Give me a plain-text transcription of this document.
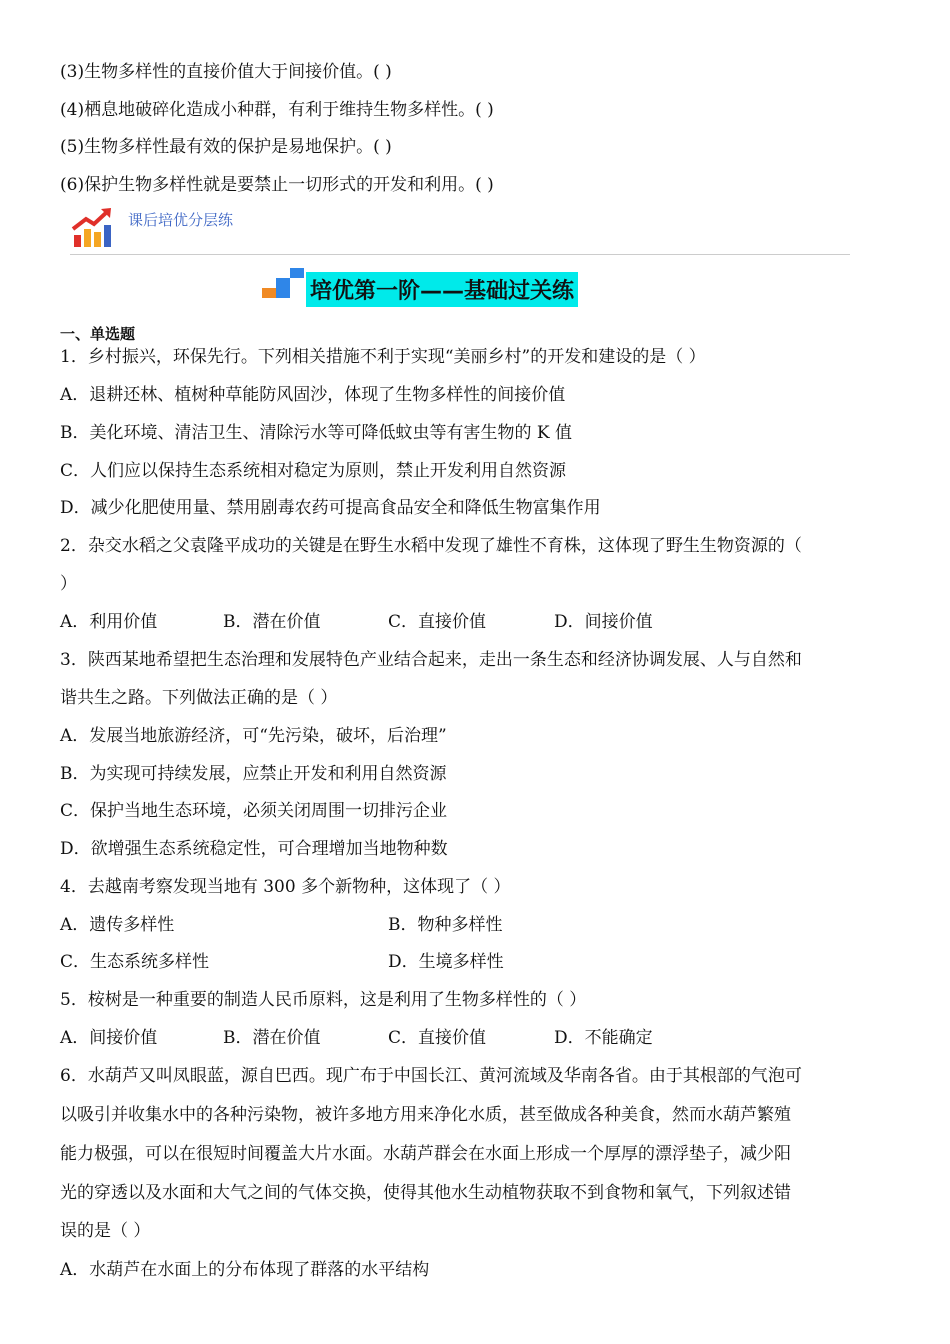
(3)生物多样性的直接价值大于间接价值。( )
(4)栖息地破碎化造成小种群，有利于维持生物多样性。( )
(5)生物多样性最有效的保护是易地保护。( )
(6)保护生物多样性就是要禁止一切形式的开发和利用。( )
课后培优分层练
培优第一阶——基础过关练
一、单选题
1．乡村振兴，环保先行。下列相关措施不利于实现“美丽乡村”的开发和建设的是（ ）
A．退耕还林、植树种草能防风固沙，体现了生物多样性的间接价值
B．美化环境、清洁卫生、清除污水等可降低蚊虫等有害生物的 K 值
C．人们应以保持生态系统相对稳定为原则，禁止开发利用自然资源
D．减少化肥使用量、禁用剧毒农药可提高食品安全和降低生物富集作用
2．杂交水稻之父袁隆平成功的关键是在野生水稻中发现了雄性不育株，这体现了野生生物资源的（
）
A．利用价值	B．潜在价值	C．直接价值	D．间接价值
3．陕西某地希望把生态治理和发展特色产业结合起来，走出一条生态和经济协调发展、人与自然和
谐共生之路。下列做法正确的是（ ）
A．发展当地旅游经济，可“先污染，破坏，后治理”
B．为实现可持续发展，应禁止开发和利用自然资源
C．保护当地生态环境，必须关闭周围一切排污企业
D．欲增强生态系统稳定性，可合理增加当地物种数
4．去越南考察发现当地有 300 多个新物种，这体现了（ ）
A．遗传多样性	B．物种多样性
C．生态系统多样性	D．生境多样性
5．桉树是一种重要的制造人民币原料，这是利用了生物多样性的（ ）
A．间接价值	B．潜在价值	C．直接价值	D．不能确定
6．水葫芦又叫凤眼蓝，源自巴西。现广布于中国长江、黄河流域及华南各省。由于其根部的气泡可
以吸引并收集水中的各种污染物，被许多地方用来净化水质，甚至做成各种美食，然而水葫芦繁殖
能力极强，可以在很短时间覆盖大片水面。水葫芦群会在水面上形成一个厚厚的漂浮垫子，减少阳
光的穿透以及水面和大气之间的气体交换，使得其他水生动植物获取不到食物和氧气，下列叙述错
误的是（ ）
A．水葫芦在水面上的分布体现了群落的水平结构
